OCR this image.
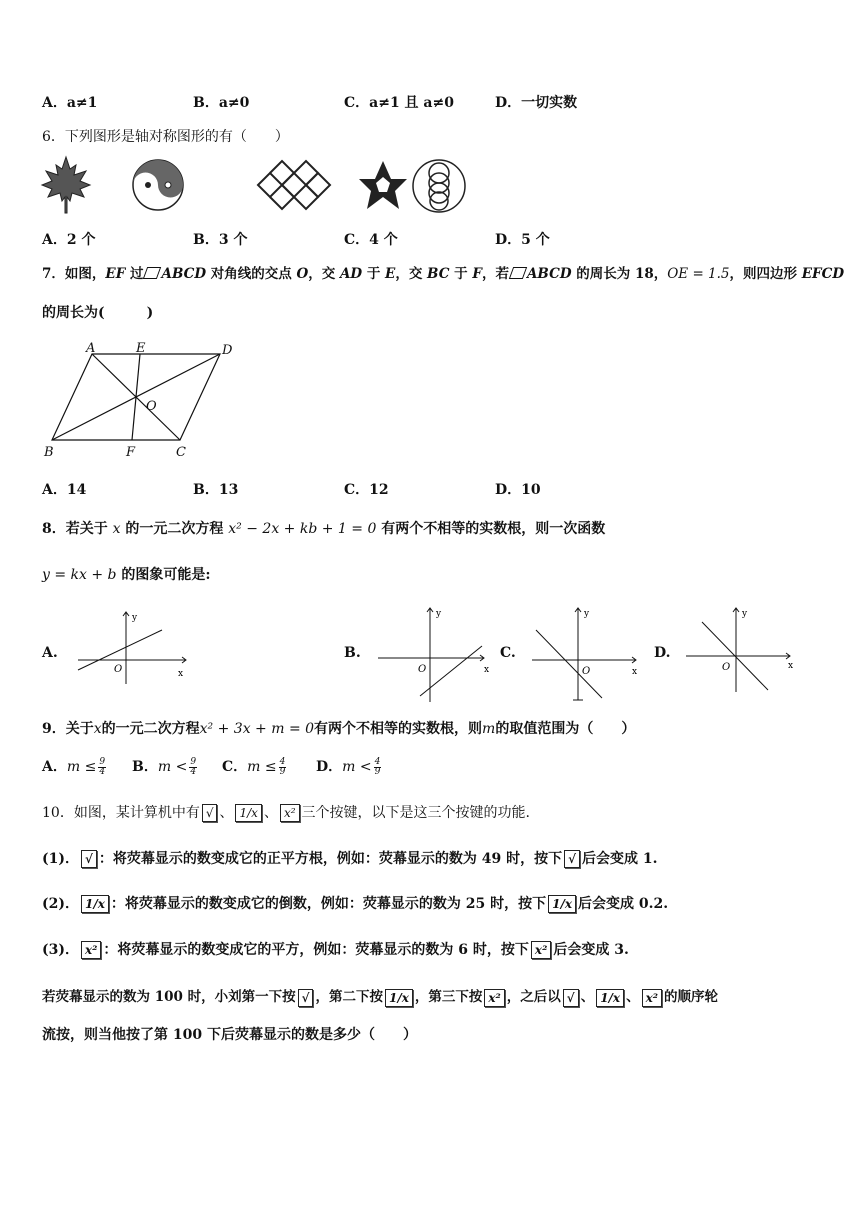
A．a≠1	B．a≠0	C．a≠1 且 a≠0	D．一切实数
6．下列图形是轴对称图形的有（　　）
A．2 个	B．3 个	C．4 个	D．5 个
7．如图，EF 过 ABCD 对角线的交点 O，交 AD 于 E，交 BC 于 F，若 ABCD 的周长为 18，OE = 1.5，则四边形 EFCD
的周长为(　　　)
A	E	D
O
B	F	C
A．14	B．13	C．12	D．10
8．若关于 x 的一元二次方程 x² − 2x + kb + 1 = 0 有两个不相等的实数根，则一次函数
y = kx + b 的图象可能是:
A.
y
x
O
B.
y
x
O
C.
y
x
O
D.
y
x
O
9．关于x的一元二次方程x² + 3x + m = 0有两个不相等的实数根，则m的取值范围为（　　）
A．$m \le \frac{9}{4}$ B．$m < \frac{9}{4}$ C．$m \le \frac{4}{9}$ D．$m < \frac{4}{9}$
10．如图，某计算机中有 √ 、 1/x 、 x² 三个按键，以下是这三个按键的功能.
(1)． √ ：将荧幕显示的数变成它的正平方根，例如：荧幕显示的数为 49 时，按下 √ 后会变成 1.
(2)． 1/x ：将荧幕显示的数变成它的倒数，例如：荧幕显示的数为 25 时，按下 1/x 后会变成 0.2.
(3)． x² ：将荧幕显示的数变成它的平方，例如：荧幕显示的数为 6 时，按下 x² 后会变成 3.
若荧幕显示的数为 100 时，小刘第一下按 √ ，第二下按 1/x ，第三下按 x² ，之后以 √ 、 1/x 、 x² 的顺序轮
流按，则当他按了第 100 下后荧幕显示的数是多少（　　）
